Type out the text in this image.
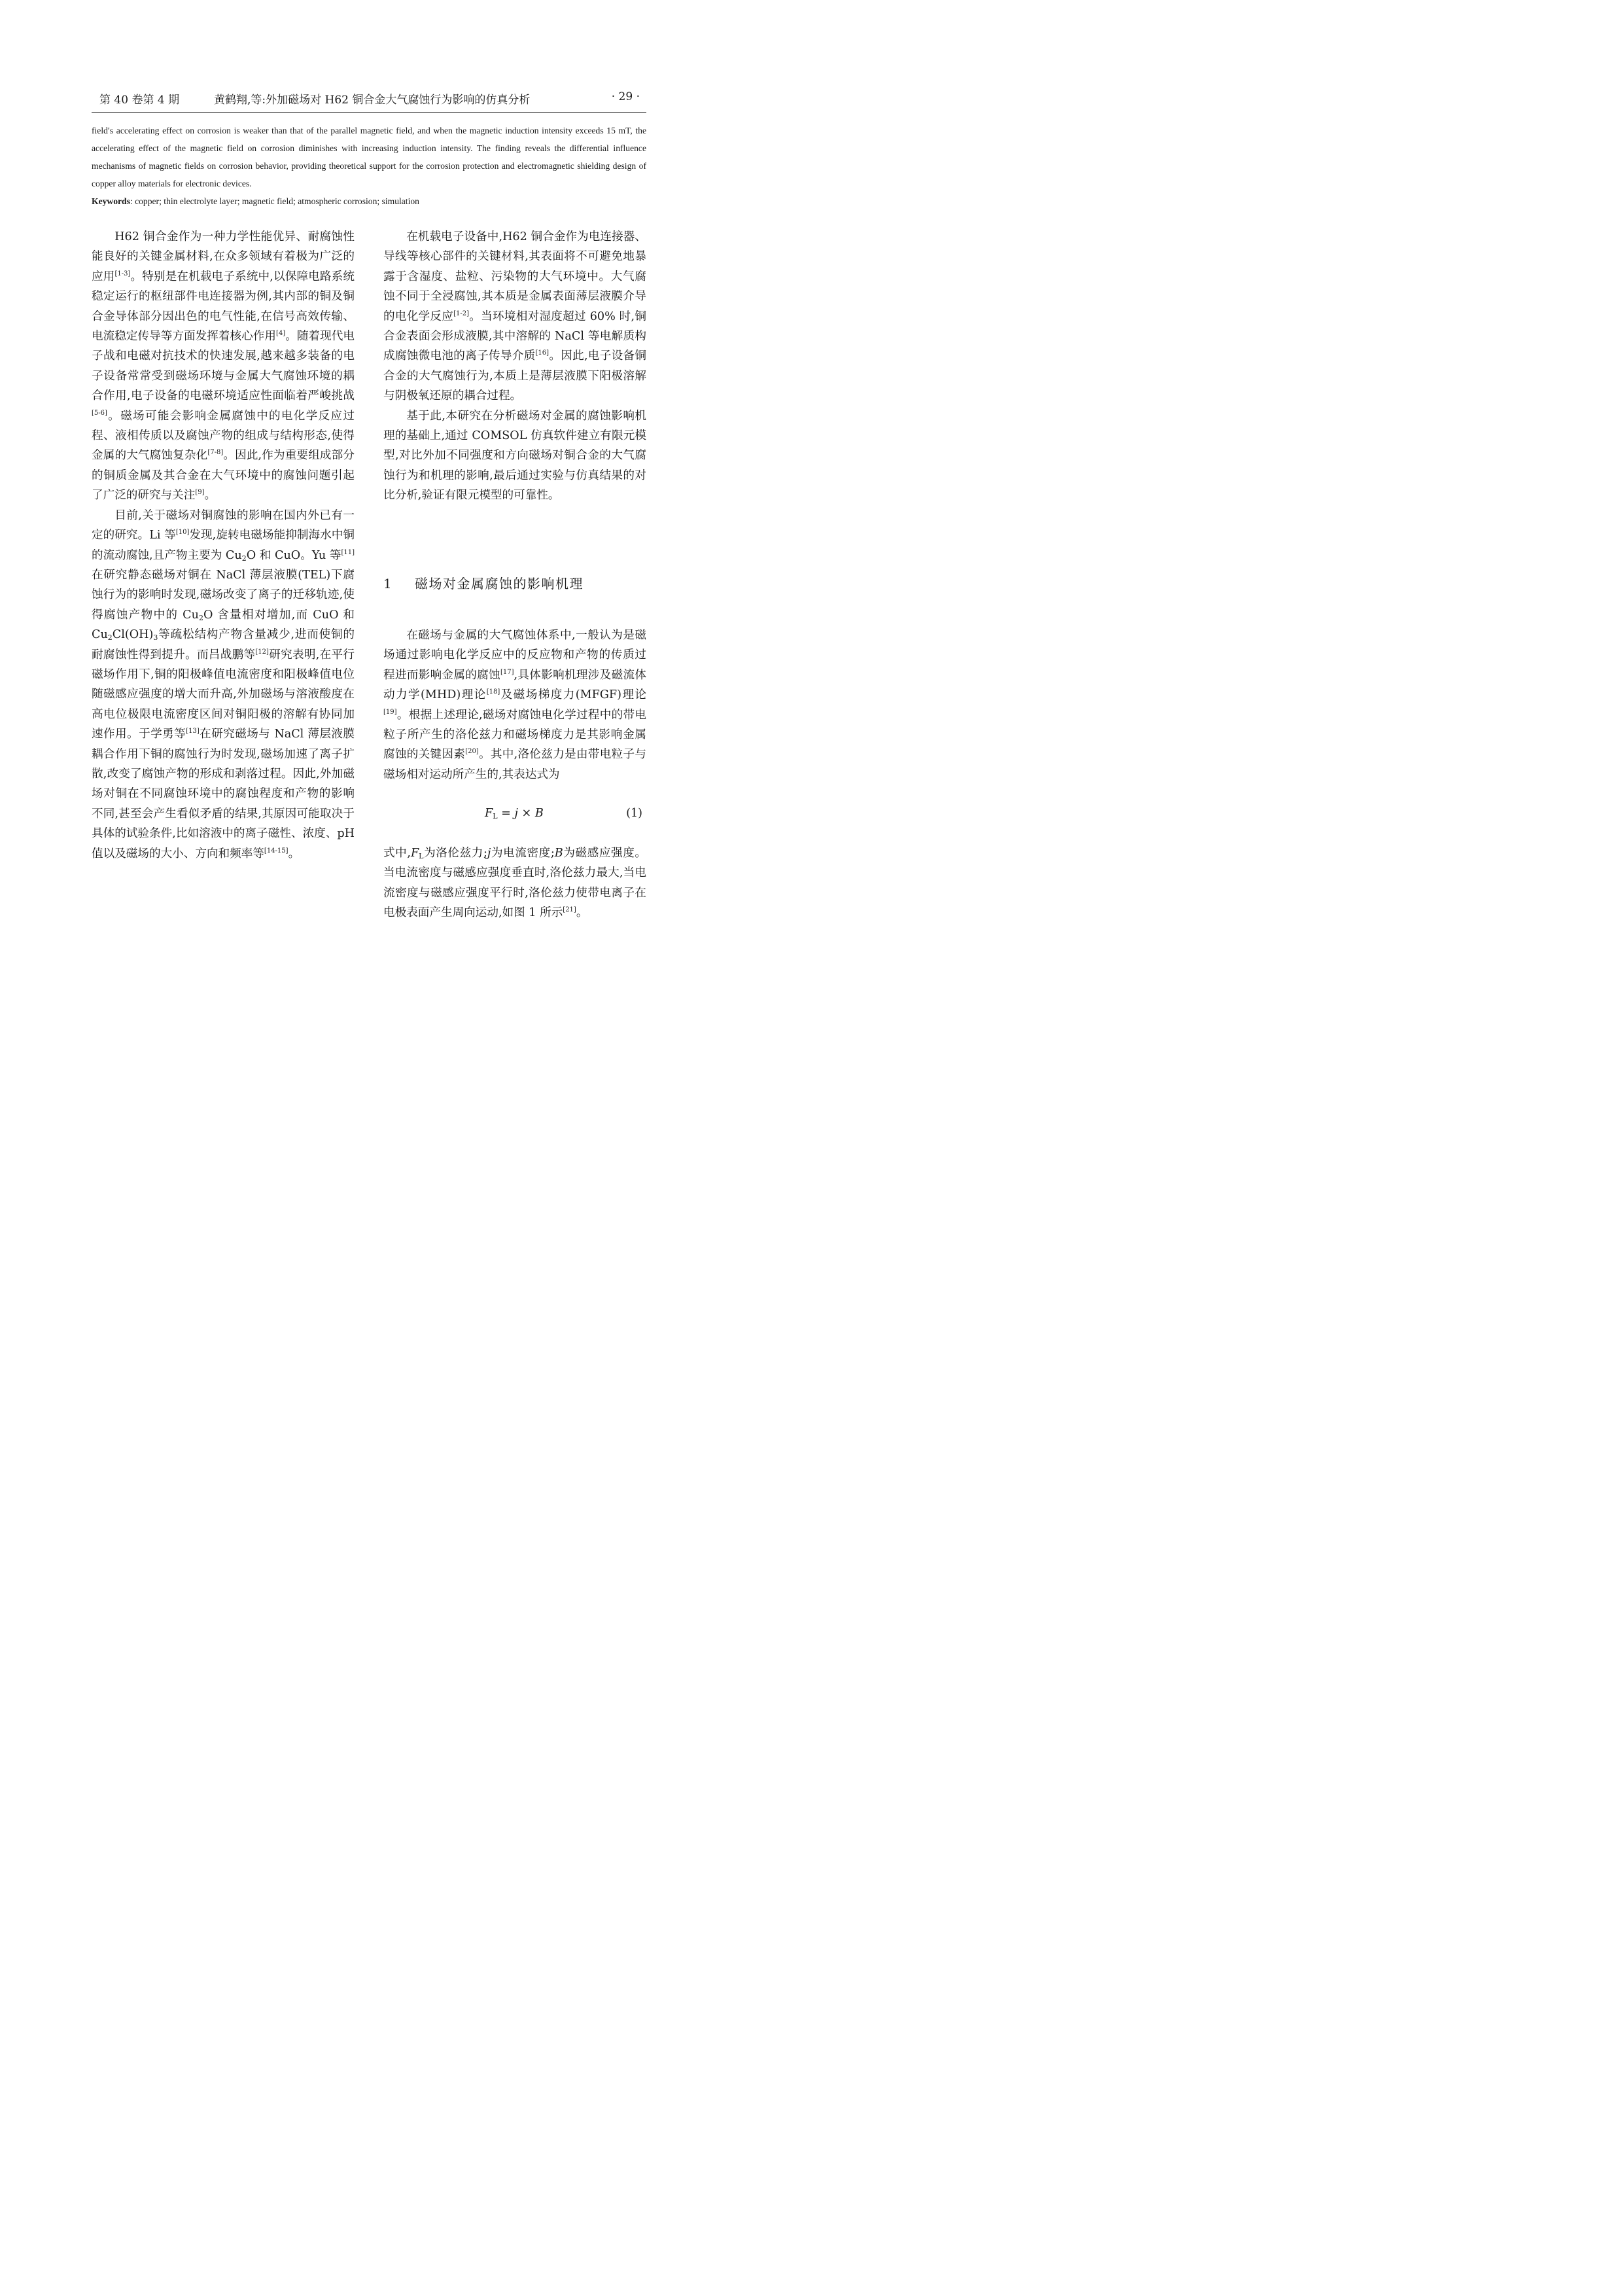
第 40 卷第 4 期	黄鹤翔,等:外加磁场对 H62 铜合金大气腐蚀行为影响的仿真分析	· 29 ·

field′s accelerating effect on corrosion is weaker than that of the parallel magnetic field, and when the magnetic induction intensity exceeds 15 mT, the accelerating effect of the magnetic field on corrosion diminishes with increasing induction intensity. The finding reveals the differential influence mechanisms of magnetic fields on corrosion behavior, providing theoretical support for the corrosion protection and electromagnetic shielding design of copper alloy materials for electronic devices.

Keywords: copper; thin electrolyte layer; magnetic field; atmospheric corrosion; simulation

H62 铜合金作为一种力学性能优异、耐腐蚀性能良好的关键金属材料,在众多领域有着极为广泛的应用[1-3]。特别是在机载电子系统中,以保障电路系统稳定运行的枢纽部件电连接器为例,其内部的铜及铜合金导体部分因出色的电气性能,在信号高效传输、电流稳定传导等方面发挥着核心作用[4]。随着现代电子战和电磁对抗技术的快速发展,越来越多装备的电子设备常常受到磁场环境与金属大气腐蚀环境的耦合作用,电子设备的电磁环境适应性面临着严峻挑战[5-6]。磁场可能会影响金属腐蚀中的电化学反应过程、液相传质以及腐蚀产物的组成与结构形态,使得金属的大气腐蚀复杂化[7-8]。因此,作为重要组成部分的铜质金属及其合金在大气环境中的腐蚀问题引起了广泛的研究与关注[9]。

目前,关于磁场对铜腐蚀的影响在国内外已有一定的研究。Li 等[10]发现,旋转电磁场能抑制海水中铜的流动腐蚀,且产物主要为 $Cu_2O$ 和 CuO。Yu 等[11]在研究静态磁场对铜在 NaCl 薄层液膜(TEL)下腐蚀行为的影响时发现,磁场改变了离子的迁移轨迹,使得腐蚀产物中的 $Cu_2O$ 含量相对增加,而 CuO 和 $Cu_2Cl(OH)_3$等疏松结构产物含量减少,进而使铜的耐腐蚀性得到提升。而吕战鹏等[12]研究表明,在平行磁场作用下,铜的阳极峰值电流密度和阳极峰值电位随磁感应强度的增大而升高,外加磁场与溶液酸度在高电位极限电流密度区间对铜阳极的溶解有协同加速作用。于学勇等[13]在研究磁场与 NaCl 薄层液膜耦合作用下铜的腐蚀行为时发现,磁场加速了离子扩散,改变了腐蚀产物的形成和剥落过程。因此,外加磁场对铜在不同腐蚀环境中的腐蚀程度和产物的影响不同,甚至会产生看似矛盾的结果,其原因可能取决于具体的试验条件,比如溶液中的离子磁性、浓度、pH 值以及磁场的大小、方向和频率等[14-15]。

在机载电子设备中,H62 铜合金作为电连接器、导线等核心部件的关键材料,其表面将不可避免地暴露于含湿度、盐粒、污染物的大气环境中。大气腐蚀不同于全浸腐蚀,其本质是金属表面薄层液膜介导的电化学反应[1-2]。当环境相对湿度超过 60% 时,铜合金表面会形成液膜,其中溶解的 NaCl 等电解质构成腐蚀微电池的离子传导介质[16]。因此,电子设备铜合金的大气腐蚀行为,本质上是薄层液膜下阳极溶解与阴极氧还原的耦合过程。

基于此,本研究在分析磁场对金属的腐蚀影响机理的基础上,通过 COMSOL 仿真软件建立有限元模型,对比外加不同强度和方向磁场对铜合金的大气腐蚀行为和机理的影响,最后通过实验与仿真结果的对比分析,验证有限元模型的可靠性。

1 磁场对金属腐蚀的影响机理

在磁场与金属的大气腐蚀体系中,一般认为是磁场通过影响电化学反应中的反应物和产物的传质过程进而影响金属的腐蚀[17],具体影响机理涉及磁流体动力学(MHD)理论[18]及磁场梯度力(MFGF)理论[19]。根据上述理论,磁场对腐蚀电化学过程中的带电粒子所产生的洛伦兹力和磁场梯度力是其影响金属腐蚀的关键因素[20]。其中,洛伦兹力是由带电粒子与磁场相对运动所产生的,其表达式为

$F_L = j \times B$	(1)

式中$,F_L$为洛伦兹力;j为电流密度;B为磁感应强度。当电流密度与磁感应强度垂直时,洛伦兹力最大,当电流密度与磁感应强度平行时,洛伦兹力使带电离子在电极表面产生周向运动,如图 1 所示[21]。
